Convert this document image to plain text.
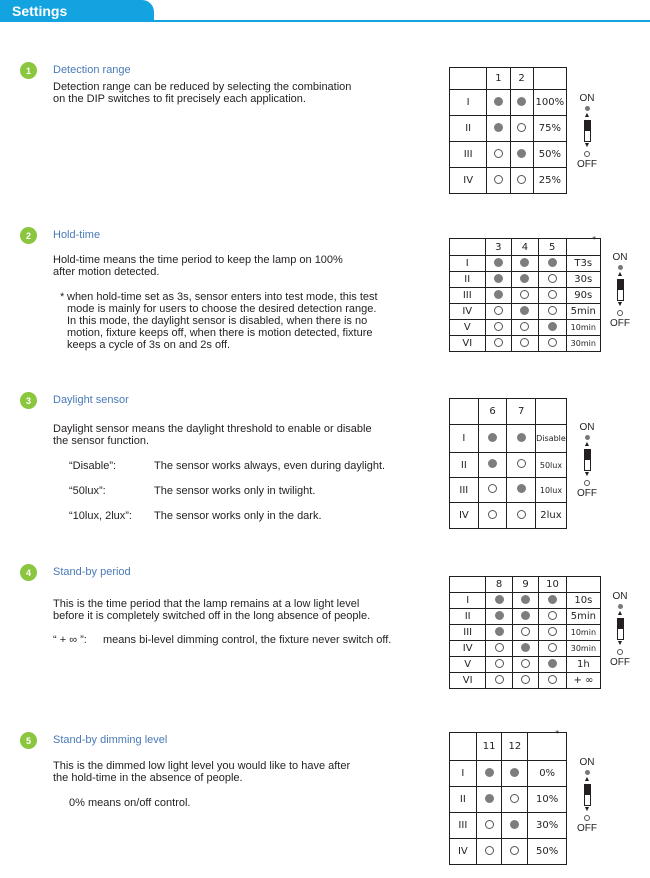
Settings
1	Detection range
Detection range can be reduced by selecting the combination
on the DIP switches to fit precisely each application.
	1	2	
I			100%
II			75%
III			50%
IV			25%
ON
▲
▼
OFF
2	Hold-time
Hold-time means the time period to keep the lamp on 100%
after motion detected.
* when hold-time set as 3s, sensor enters into test mode, this test
mode is mainly for users to choose the desired detection range.
In this mode, the daylight sensor is disabled, when there is no
motion, fixture keeps off, when there is motion detected, fixture
keeps a cycle of 3s on and 2s off.
	3	4	5	
I				T3s
*

II				30s
III				90s
IV				5min
V				10min
VI				30min
ON
▲
▼
OFF
3	Daylight sensor
Daylight sensor means the daylight threshold to enable or disable
the sensor function.
“Disable”:	The sensor works always, even during daylight.
“50lux”:	The sensor works only in twilight.
“10lux, 2lux”: The sensor works only in the dark.
	6	7	
I			Disable
II			50lux
III			10lux
IV			2lux
ON
▲
▼
OFF
4	Stand-by period
This is the time period that the lamp remains at a low light level
before it is completely switched off in the long absence of people.
“ + ∞ ”: means bi-level dimming control, the fixture never switch off.
	8	9	10	
I				10s
II				5min
III				10min
IV				30min
V				1h
VI				+ ∞
ON
▲
▼
OFF
5	Stand-by dimming level
This is the dimmed low light level you would like to have after
the hold-time in the absence of people.
0% means on/off control.
	11	12	
I			0%
*

II			10%
III			30%
IV			50%
ON
▲
▼
OFF
